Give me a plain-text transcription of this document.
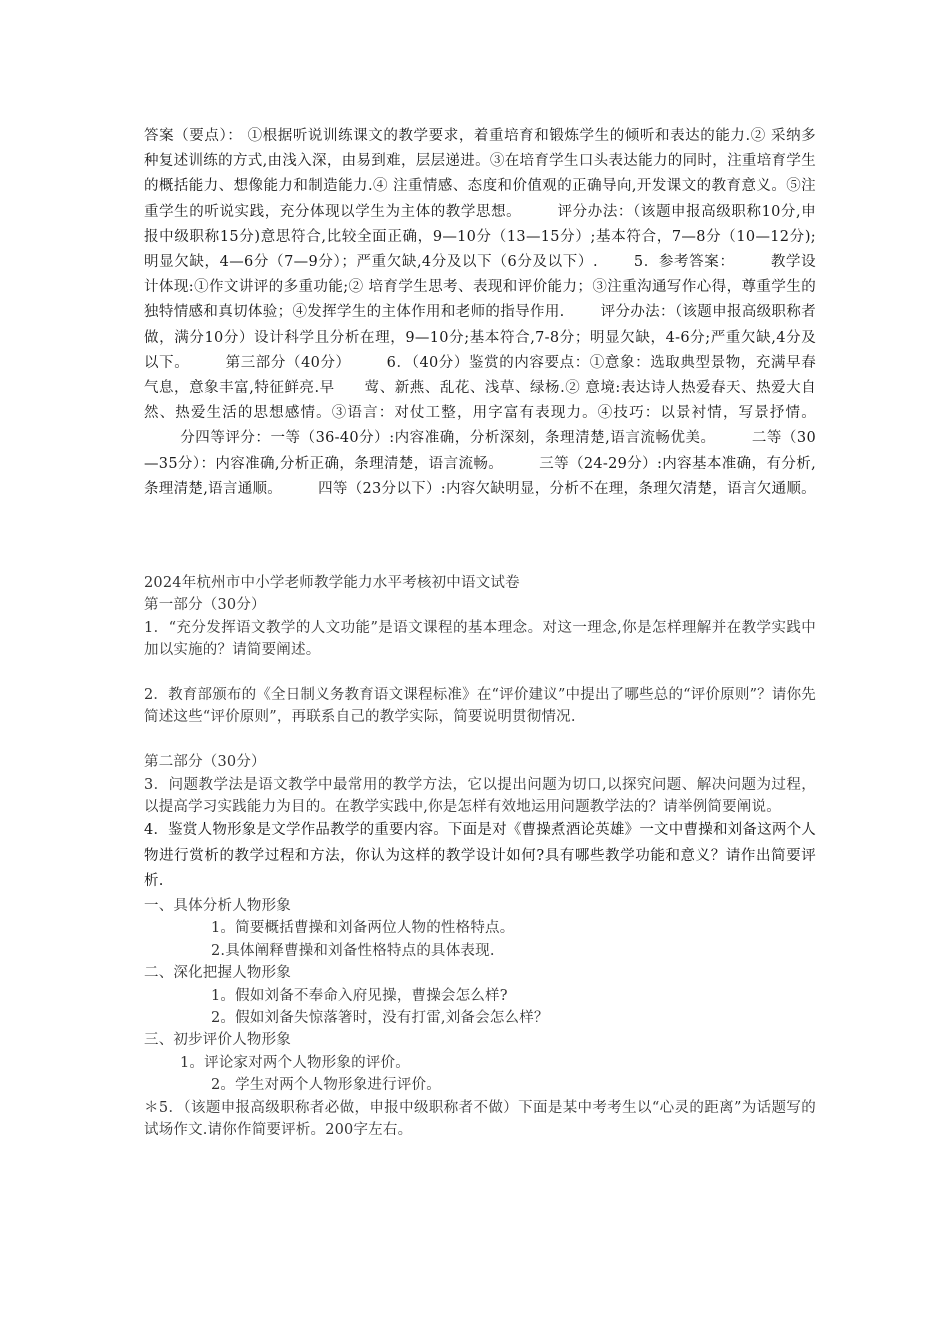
答案（要点）： ①根据听说训练课文的教学要求，着重培育和锻炼学生的倾听和表达的能力.② 采纳多种复述训练的方式,由浅入深，由易到难，层层递进。③在培育学生口头表达能力的同时，注重培育学生的概括能力、想像能力和制造能力.④ 注重情感、态度和价值观的正确导向,开发课文的教育意义。⑤注重学生的听说实践，充分体现以学生为主体的教学思想。 评分办法：（该题申报高级职称10分,申报中级职称15分)意思符合,比较全面正确，9—10分（13—15分）;基本符合，7—8分（10—12分);明显欠缺，4—6分（7—9分）；严重欠缺,4分及以下（6分及以下）. 5．参考答案： 教学设计体现:①作文讲评的多重功能;② 培育学生思考、表现和评价能力；③注重沟通写作心得，尊重学生的独特情感和真切体验；④发挥学生的主体作用和老师的指导作用. 评分办法：（该题申报高级职称者做，满分10分）设计科学且分析在理，9—10分;基本符合,7-8分；明显欠缺，4-6分;严重欠缺,4分及以下。 第三部分（40分） 6．（40分）鉴赏的内容要点：①意象：选取典型景物，充满早春气息，意象丰富,特征鲜亮.早　　莺、新燕、乱花、浅草、绿杨.② 意境:表达诗人热爱春天、热爱大自然、热爱生活的思想感情。③语言：对仗工整，用字富有表现力。④技巧：以景衬情，写景抒情。分四等评分：一等（36-40分）:内容准确，分析深刻，条理清楚,语言流畅优美。 二等（30—35分）：内容准确,分析正确，条理清楚，语言流畅。 三等（24-29分）:内容基本准确，有分析,条理清楚,语言通顺。 四等（23分以下）:内容欠缺明显，分析不在理，条理欠清楚，语言欠通顺。

2024年杭州市中小学老师教学能力水平考核初中语文试卷

第一部分（30分）

1．“充分发挥语文教学的人文功能”是语文课程的基本理念。对这一理念,你是怎样理解并在教学实践中加以实施的？请简要阐述。

2．教育部颁布的《全日制义务教育语文课程标准》在“评价建议”中提出了哪些总的“评价原则”？请你先简述这些“评价原则”，再联系自己的教学实际，简要说明贯彻情况.

第二部分（30分）

3．问题教学法是语文教学中最常用的教学方法，它以提出问题为切口,以探究问题、解决问题为过程，以提高学习实践能力为目的。在教学实践中,你是怎样有效地运用问题教学法的？请举例简要阐说。

4．鉴赏人物形象是文学作品教学的重要内容。下面是对《曹操煮酒论英雄》一文中曹操和刘备这两个人物进行赏析的教学过程和方法，你认为这样的教学设计如何?具有哪些教学功能和意义？请作出简要评析.

一、具体分析人物形象

1。简要概括曹操和刘备两位人物的性格特点。

2.具体阐释曹操和刘备性格特点的具体表现.

二、深化把握人物形象

1。假如刘备不奉命入府见操，曹操会怎么样?

2。假如刘备失惊落箸时，没有打雷,刘备会怎么样？

三、初步评价人物形象

1。评论家对两个人物形象的评价。

2。学生对两个人物形象进行评价。

＊5．（该题申报高级职称者必做，申报中级职称者不做）下面是某中考考生以“心灵的距离”为话题写的试场作文.请你作简要评析。200字左右。
